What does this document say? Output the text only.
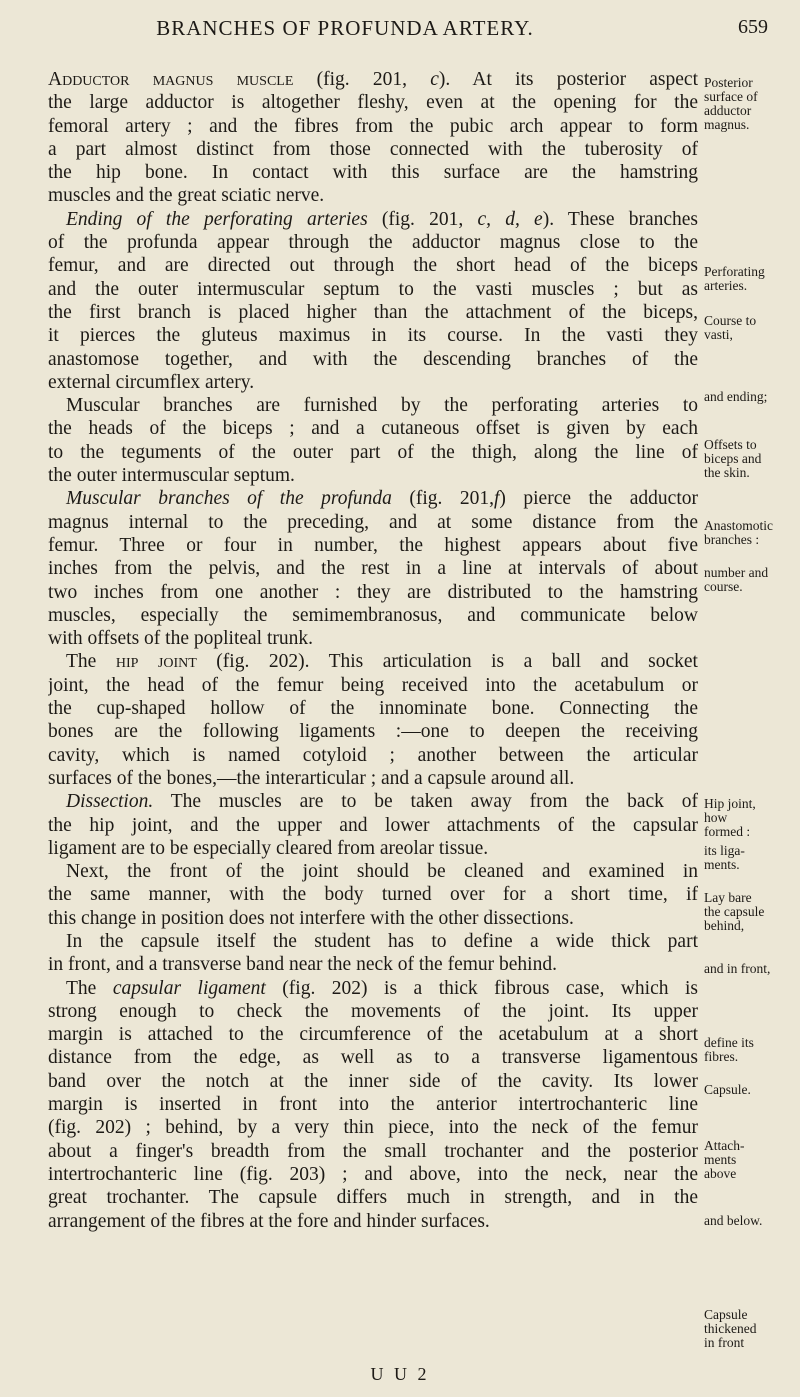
BRANCHES OF PROFUNDA ARTERY.	659
Adductor magnus muscle (fig. 201, c). At its posterior aspect
the large adductor is altogether fleshy, even at the opening for the
femoral artery ; and the fibres from the pubic arch appear to form
a part almost distinct from those connected with the tuberosity of
the hip bone. In contact with this surface are the hamstring
muscles and the great sciatic nerve.
Ending of the perforating arteries (fig. 201, c, d, e). These branches
of the profunda appear through the adductor magnus close to the
femur, and are directed out through the short head of the biceps
and the outer intermuscular septum to the vasti muscles ; but as
the first branch is placed higher than the attachment of the biceps,
it pierces the gluteus maximus in its course. In the vasti they
anastomose together, and with the descending branches of the
external circumflex artery.
Muscular branches are furnished by the perforating arteries to
the heads of the biceps ; and a cutaneous offset is given by each
to the teguments of the outer part of the thigh, along the line of
the outer intermuscular septum.
Muscular branches of the profunda (fig. 201,f) pierce the adductor
magnus internal to the preceding, and at some distance from the
femur. Three or four in number, the highest appears about five
inches from the pelvis, and the rest in a line at intervals of about
two inches from one another : they are distributed to the hamstring
muscles, especially the semimembranosus, and communicate below
with offsets of the popliteal trunk.
The hip joint (fig. 202). This articulation is a ball and socket
joint, the head of the femur being received into the acetabulum or
the cup-shaped hollow of the innominate bone. Connecting the
bones are the following ligaments :—one to deepen the receiving
cavity, which is named cotyloid ; another between the articular
surfaces of the bones,—the interarticular ; and a capsule around all.
Dissection. The muscles are to be taken away from the back of
the hip joint, and the upper and lower attachments of the capsular
ligament are to be especially cleared from areolar tissue.
Next, the front of the joint should be cleaned and examined in
the same manner, with the body turned over for a short time, if
this change in position does not interfere with the other dissections.
In the capsule itself the student has to define a wide thick part
in front, and a transverse band near the neck of the femur behind.
The capsular ligament (fig. 202) is a thick fibrous case, which is
strong enough to check the movements of the joint. Its upper
margin is attached to the circumference of the acetabulum at a short
distance from the edge, as well as to a transverse ligamentous
band over the notch at the inner side of the cavity. Its lower
margin is inserted in front into the anterior intertrochanteric line
(fig. 202) ; behind, by a very thin piece, into the neck of the femur
about a finger's breadth from the small trochanter and the posterior
intertrochanteric line (fig. 203) ; and above, into the neck, near the
great trochanter. The capsule differs much in strength, and in the
arrangement of the fibres at the fore and hinder surfaces.
Posterior
surface of
adductor
magnus.
Perforating
arteries.
Course to
vasti,
and ending;
Offsets to
biceps and
the skin.
Anastomotic
branches :
number and
course.
Hip joint,
how
formed :
its liga-
ments.
Lay bare
the capsule
behind,
and in front,
define its
fibres.
Capsule.
Attach-
ments
above
and below.
Capsule
thickened
in front
U U 2
